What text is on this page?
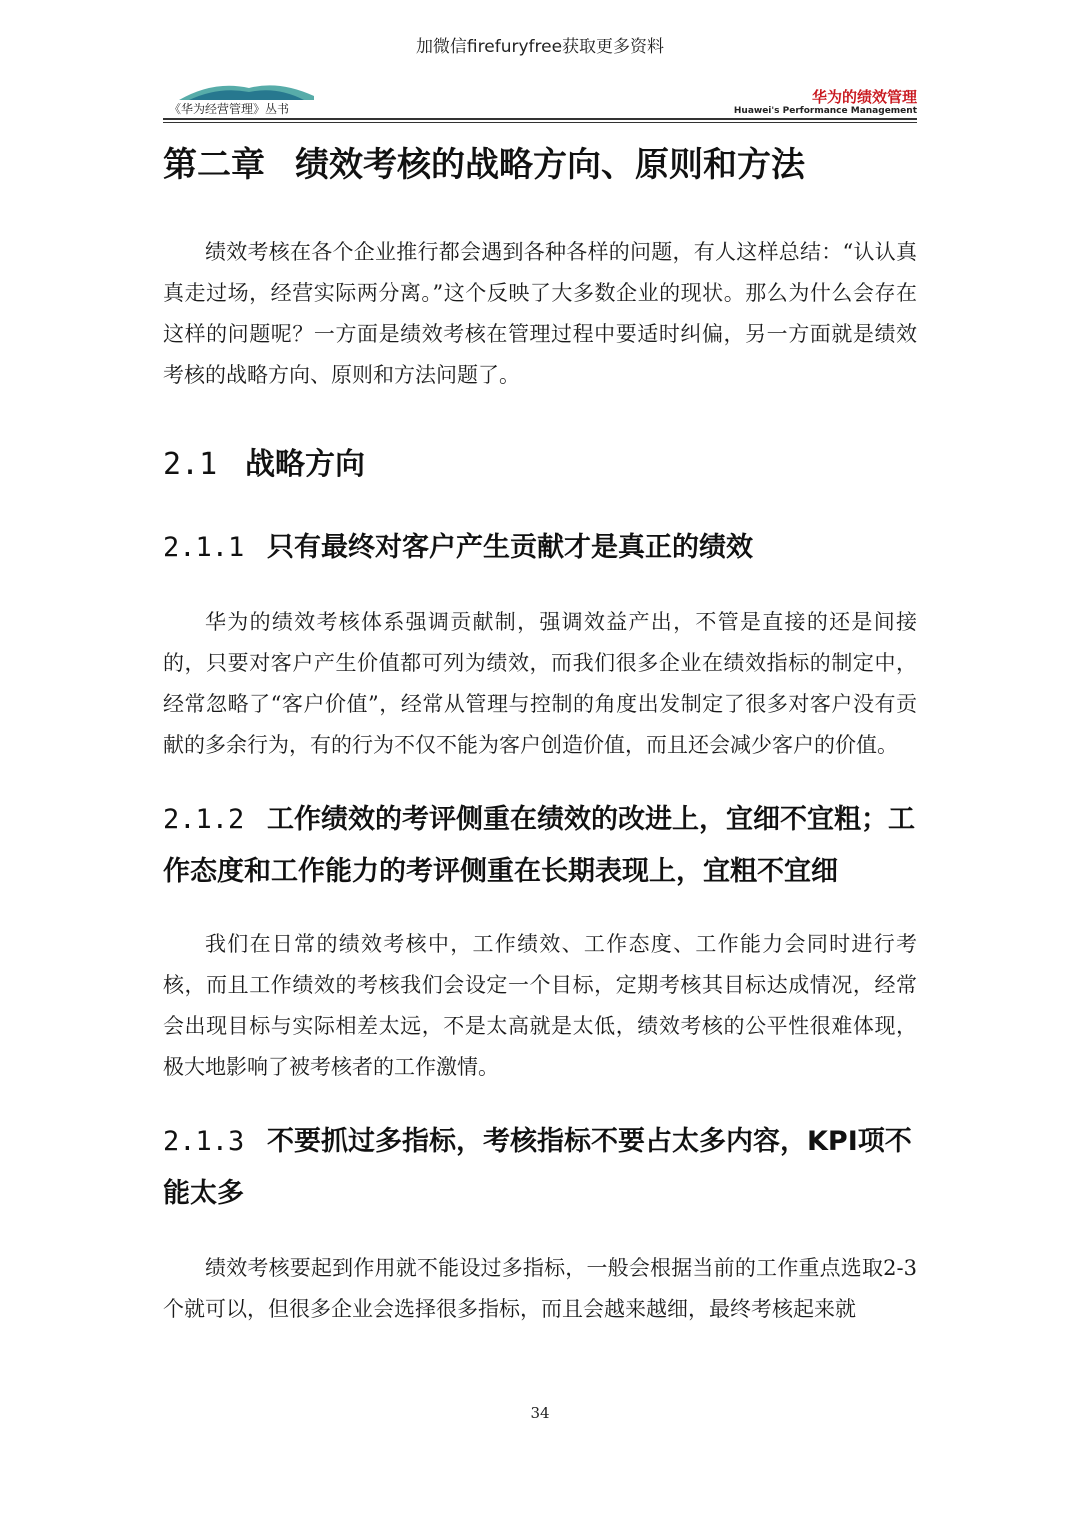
加微信firefuryfree获取更多资料
《华为经营管理》丛书
华为的绩效管理
Huawei's Performance Management
第二章 绩效考核的战略方向、原则和方法

绩效考核在各个企业推行都会遇到各种各样的问题，有人这样总结：“认认真真走过场，经营实际两分离。”这个反映了大多数企业的现状。那么为什么会存在这样的问题呢？一方面是绩效考核在管理过程中要适时纠偏，另一方面就是绩效考核的战略方向、原则和方法问题了。

2.1 战略方向
2.1.1 只有最终对客户产生贡献才是真正的绩效

华为的绩效考核体系强调贡献制，强调效益产出，不管是直接的还是间接的，只要对客户产生价值都可列为绩效，而我们很多企业在绩效指标的制定中，经常忽略了“客户价值”，经常从管理与控制的角度出发制定了很多对客户没有贡献的多余行为，有的行为不仅不能为客户创造价值，而且还会减少客户的价值。

2.1.2 工作绩效的考评侧重在绩效的改进上，宜细不宜粗；工作态度和工作能力的考评侧重在长期表现上，宜粗不宜细

我们在日常的绩效考核中，工作绩效、工作态度、工作能力会同时进行考核，而且工作绩效的考核我们会设定一个目标，定期考核其目标达成情况，经常会出现目标与实际相差太远，不是太高就是太低，绩效考核的公平性很难体现，极大地影响了被考核者的工作激情。

2.1.3 不要抓过多指标，考核指标不要占太多内容，KPI项不能太多

绩效考核要起到作用就不能设过多指标，一般会根据当前的工作重点选取2-3个就可以，但很多企业会选择很多指标，而且会越来越细，最终考核起来就

34
